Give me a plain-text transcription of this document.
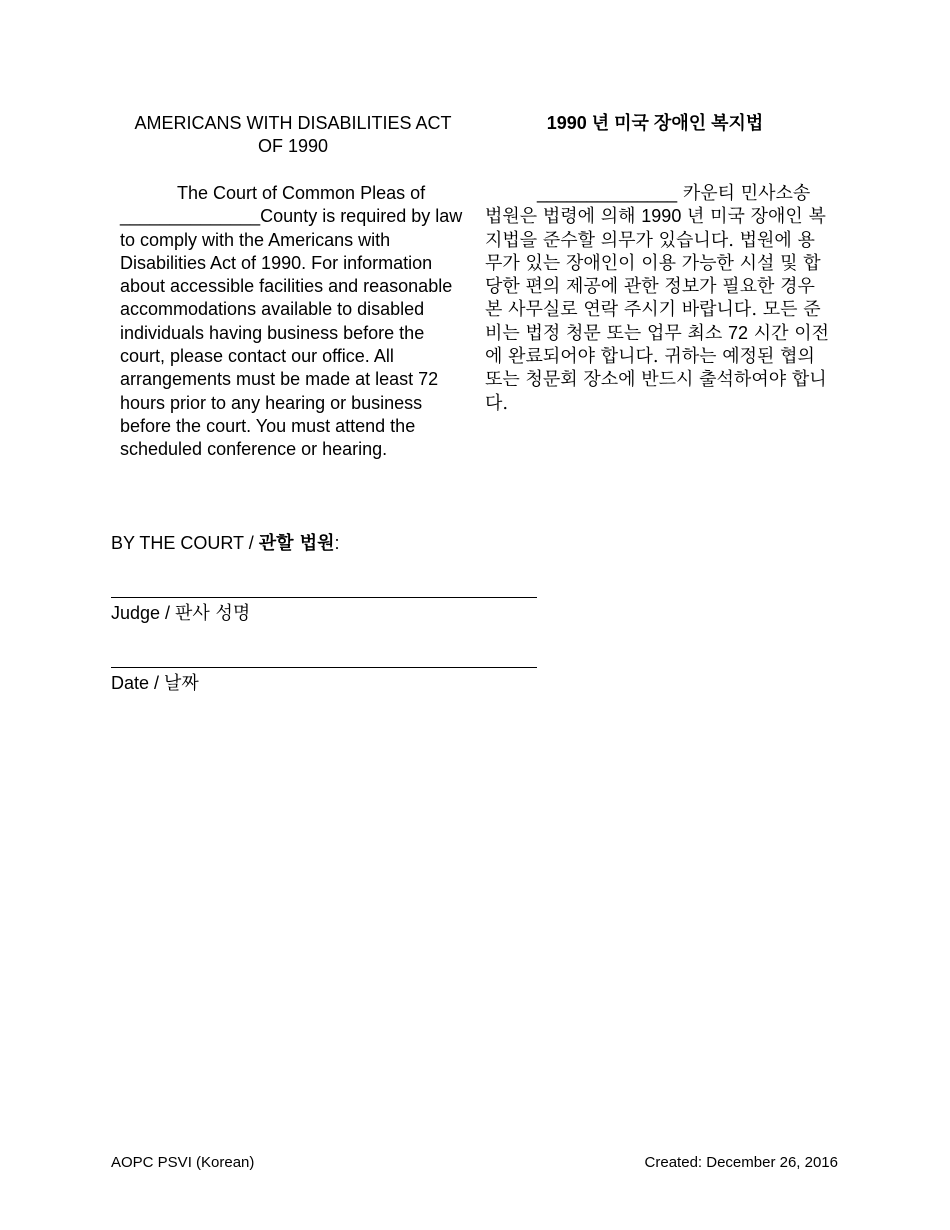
AMERICANS WITH DISABILITIES ACT
OF 1990
1990 년 미국 장애인 복지법
The Court of Common Pleas of ______________County is required by law to comply with the Americans with Disabilities Act of 1990. For information about accessible facilities and reasonable accommodations available to disabled individuals having business before the court, please contact our office. All arrangements must be made at least 72 hours prior to any hearing or business before the court. You must attend the scheduled conference or hearing.
______________ 카운티 민사소송 법원은 법령에 의해 1990 년 미국 장애인 복지법을 준수할 의무가 있습니다. 법원에 용무가 있는 장애인이 이용 가능한 시설 및 합당한 편의 제공에 관한 정보가 필요한 경우 본 사무실로 연락 주시기 바랍니다. 모든 준비는 법정 청문 또는 업무 최소 72 시간 이전에 완료되어야 합니다. 귀하는 예정된 협의 또는 청문회 장소에 반드시 출석하여야 합니다.
BY THE COURT / 관할 법원:
Judge / 판사 성명
Date / 날짜
AOPC PSVI (Korean)	Created: December 26, 2016
